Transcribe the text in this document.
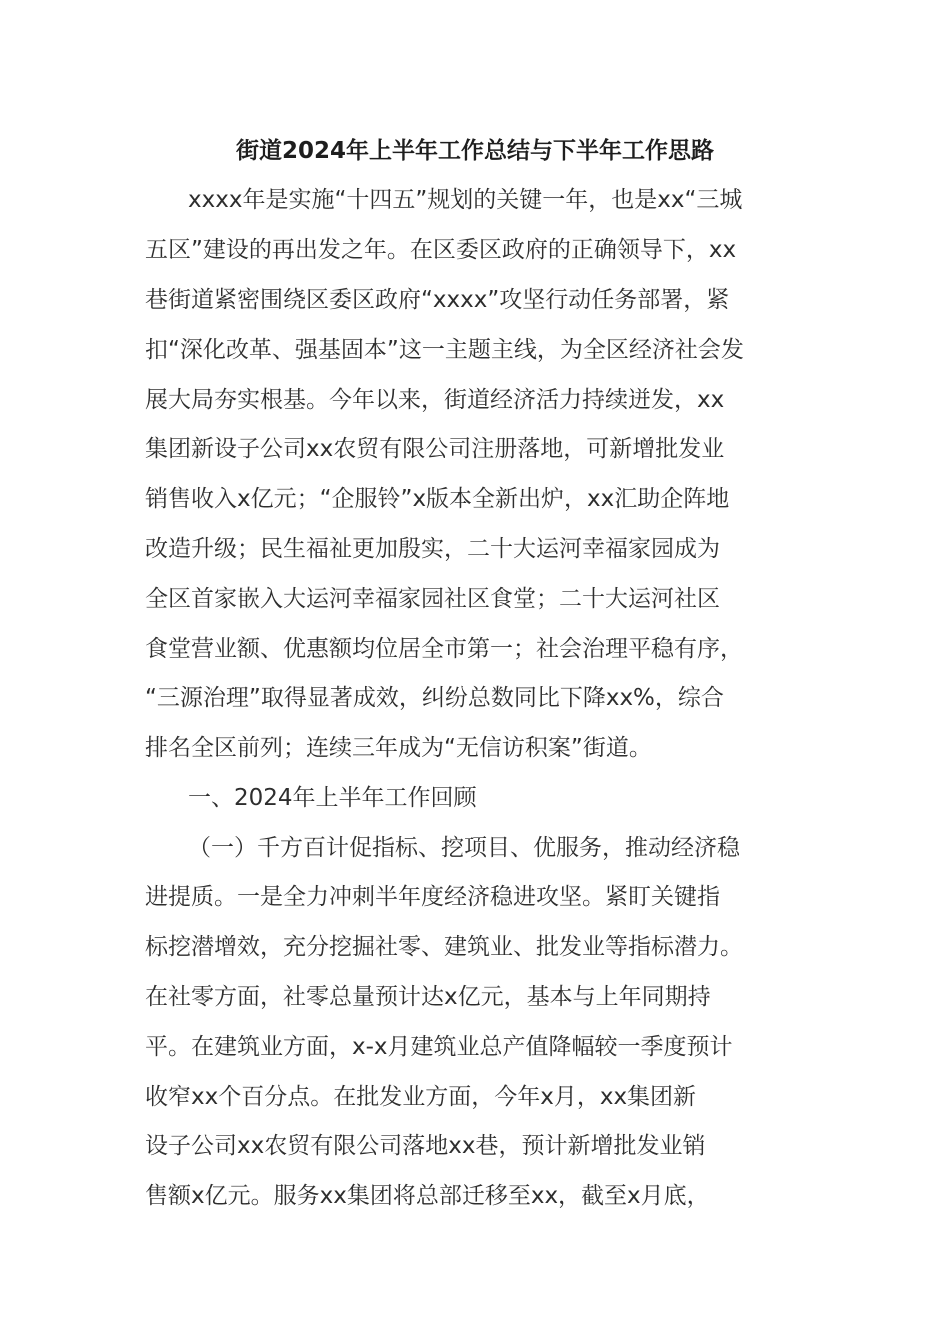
街道2024年上半年工作总结与下半年工作思路
xxxx年是实施“十四五”规划的关键一年，也是xx“三城
五区”建设的再出发之年。在区委区政府的正确领导下，xx
巷街道紧密围绕区委区政府“xxxx”攻坚行动任务部署，紧
扣“深化改革、强基固本”这一主题主线，为全区经济社会发
展大局夯实根基。今年以来，街道经济活力持续迸发，xx
集团新设子公司xx农贸有限公司注册落地，可新增批发业
销售收入x亿元；“企服铃”x版本全新出炉，xx汇助企阵地
改造升级；民生福祉更加殷实，二十大运河幸福家园成为
全区首家嵌入大运河幸福家园社区食堂；二十大运河社区
食堂营业额、优惠额均位居全市第一；社会治理平稳有序，
“三源治理”取得显著成效，纠纷总数同比下降xx%，综合
排名全区前列；连续三年成为“无信访积案”街道。
一、2024年上半年工作回顾
（一）千方百计促指标、挖项目、优服务，推动经济稳
进提质。一是全力冲刺半年度经济稳进攻坚。紧盯关键指
标挖潜增效，充分挖掘社零、建筑业、批发业等指标潜力。
在社零方面，社零总量预计达x亿元，基本与上年同期持
平。在建筑业方面，x-x月建筑业总产值降幅较一季度预计
收窄xx个百分点。在批发业方面，今年x月，xx集团新
设子公司xx农贸有限公司落地xx巷，预计新增批发业销
售额x亿元。服务xx集团将总部迁移至xx，截至x月底，
